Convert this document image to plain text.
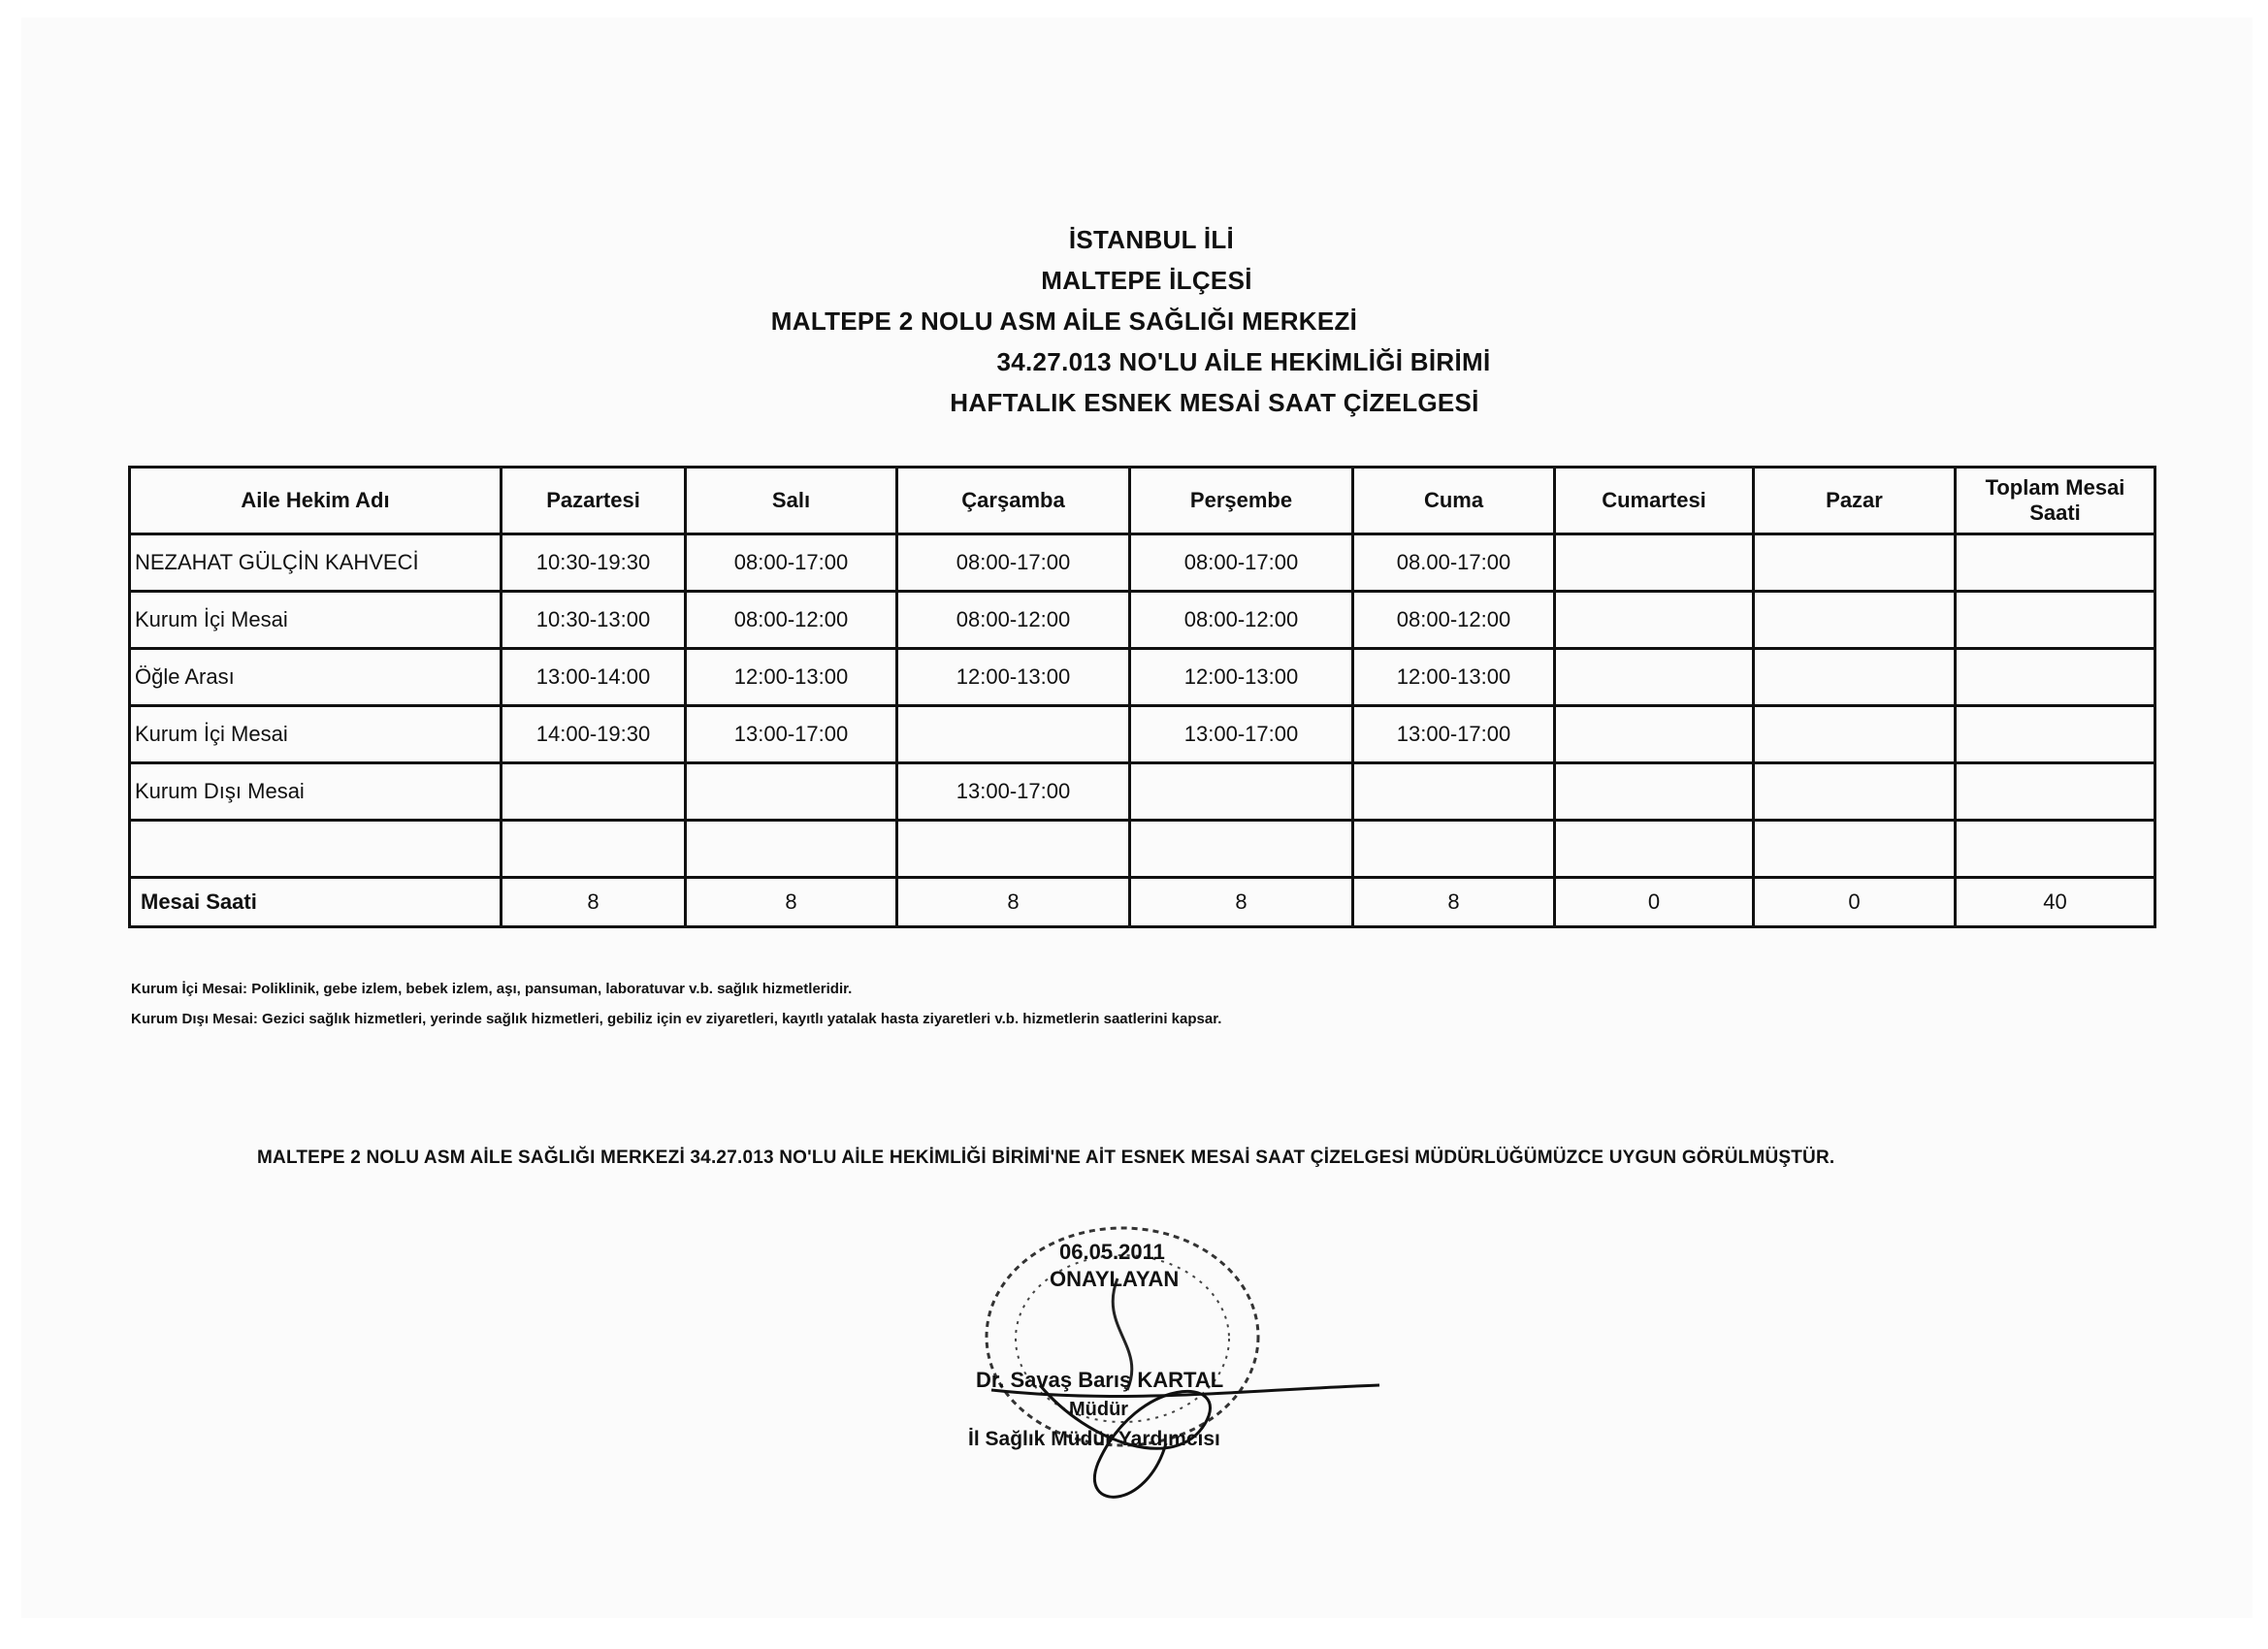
İSTANBUL İLİ
MALTEPE İLÇESİ
MALTEPE 2 NOLU ASM AİLE SAĞLIĞI MERKEZİ
34.27.013 NO'LU AİLE HEKİMLİĞİ BİRİMİ
HAFTALIK ESNEK MESAİ SAAT ÇİZELGESİ
Aile Hekim Adı	Pazartesi	Salı	Çarşamba	Perşembe	Cuma	Cumartesi	Pazar	Toplam Mesai Saati
NEZAHAT GÜLÇİN KAHVECİ	10:30-19:30	08:00-17:00	08:00-17:00	08:00-17:00	08.00-17:00			
Kurum İçi Mesai	10:30-13:00	08:00-12:00	08:00-12:00	08:00-12:00	08:00-12:00			
Öğle Arası	13:00-14:00	12:00-13:00	12:00-13:00	12:00-13:00	12:00-13:00			
Kurum İçi Mesai	14:00-19:30	13:00-17:00		13:00-17:00	13:00-17:00			
Kurum Dışı Mesai			13:00-17:00					

Mesai Saati	8	8	8	8	8	0	0	40
Kurum İçi Mesai: Poliklinik, gebe izlem, bebek izlem, aşı, pansuman, laboratuvar v.b. sağlık hizmetleridir.
Kurum Dışı Mesai: Gezici sağlık hizmetleri, yerinde sağlık hizmetleri, gebiliz için ev ziyaretleri, kayıtlı yatalak hasta ziyaretleri v.b. hizmetlerin saatlerini kapsar.
MALTEPE 2 NOLU ASM AİLE SAĞLIĞI MERKEZİ 34.27.013 NO'LU AİLE HEKİMLİĞİ BİRİMİ'NE AİT ESNEK MESAİ SAAT ÇİZELGESİ MÜDÜRLÜĞÜMÜZCE UYGUN GÖRÜLMÜŞTÜR.
06.05.2011
ONAYLAYAN
Dr. Savaş Barış KARTAL
Müdür
İl Sağlık Müdür Yardımcısı
